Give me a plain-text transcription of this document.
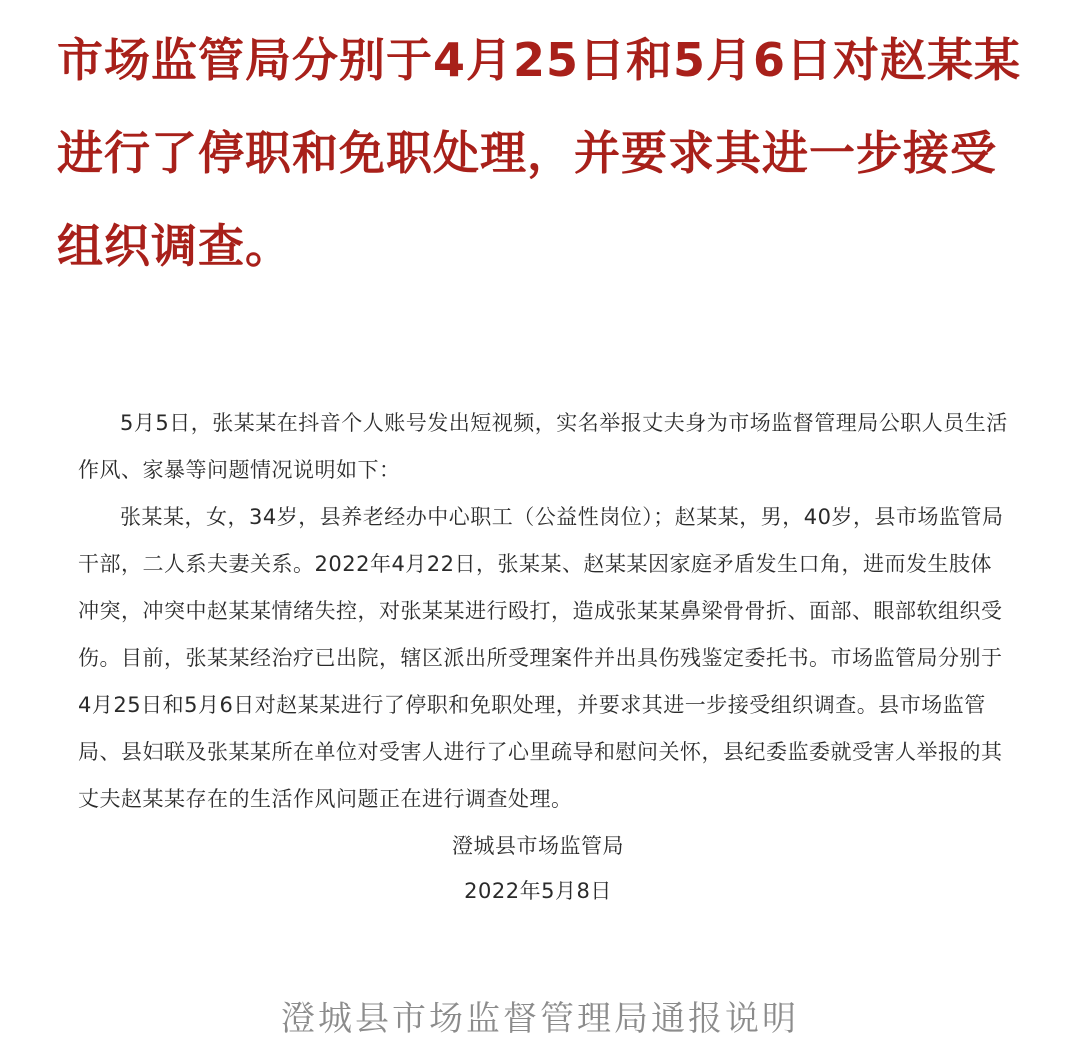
市场监管局分别于4月25日和5月6日对赵某某
进行了停职和免职处理，并要求其进一步接受
组织调查。

5月5日，张某某在抖音个人账号发出短视频，实名举报丈夫身为市场监督管理局公职人员生活作风、家暴等问题情况说明如下：

张某某，女，34岁，县养老经办中心职工（公益性岗位）；赵某某，男，40岁，县市场监管局干部，二人系夫妻关系。2022年4月22日，张某某、赵某某因家庭矛盾发生口角，进而发生肢体冲突，冲突中赵某某情绪失控，对张某某进行殴打，造成张某某鼻梁骨骨折、面部、眼部软组织受伤。目前，张某某经治疗已出院，辖区派出所受理案件并出具伤残鉴定委托书。市场监管局分别于4月25日和5月6日对赵某某进行了停职和免职处理，并要求其进一步接受组织调查。县市场监管局、县妇联及张某某所在单位对受害人进行了心里疏导和慰问关怀，县纪委监委就受害人举报的其丈夫赵某某存在的生活作风问题正在进行调查处理。

澄城县市场监管局

2022年5月8日

澄城县市场监督管理局通报说明
